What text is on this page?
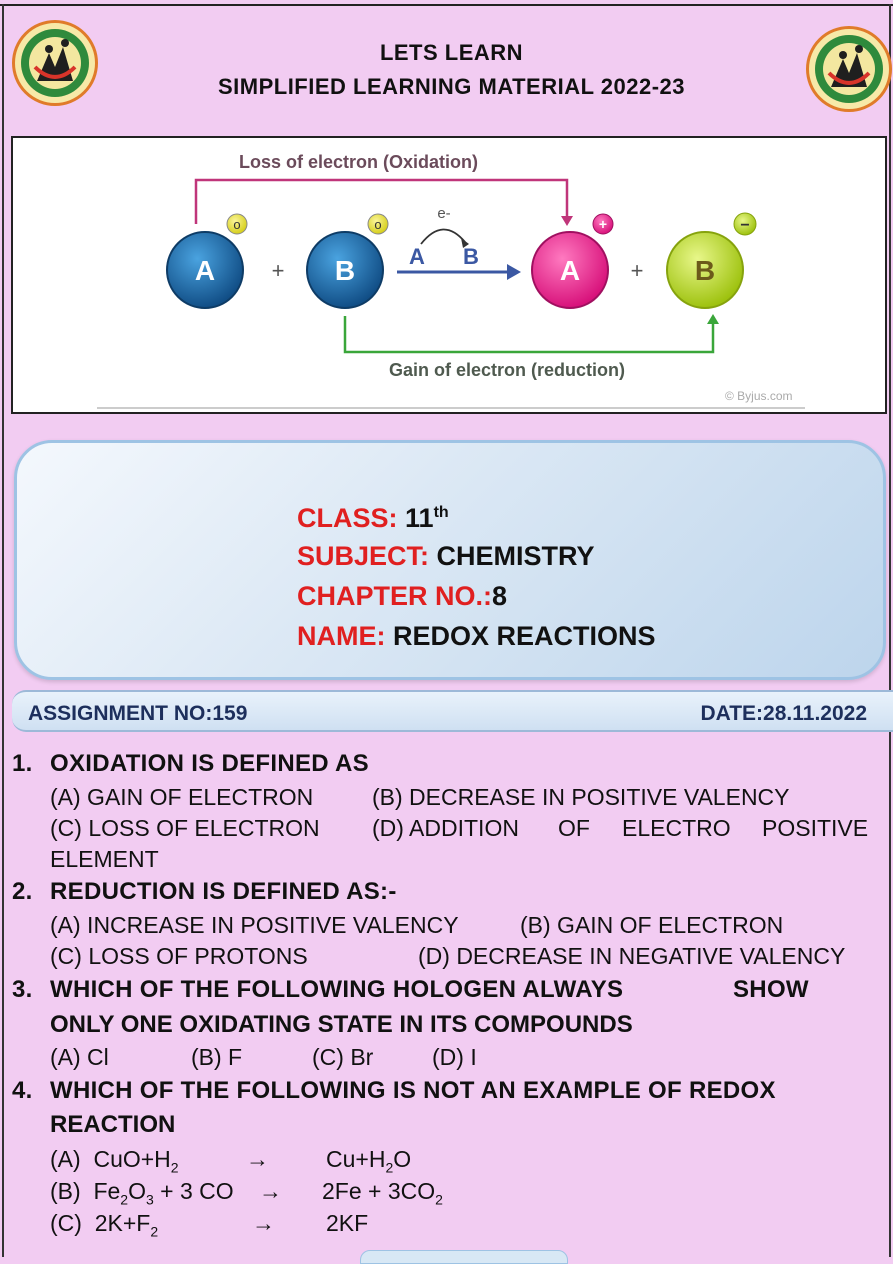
LETS LEARN
SIMPLIFIED LEARNING MATERIAL 2022-23
Loss of electron (Oxidation)
Gain of electron (reduction)
A
o
+ B
o
e-
A B	A
+
+ B
−
© Byjus.com
CLASS: 11th
SUBJECT: CHEMISTRY
CHAPTER NO.:8
NAME: REDOX REACTIONS
ASSIGNMENT NO:159	DATE:28.11.2022
1. OXIDATION IS DEFINED AS
(A) GAIN OF ELECTRON	(B) DECREASE IN POSITIVE VALENCY
(C) LOSS OF ELECTRON (D) ADDITION OF ELECTRO POSITIVE
ELEMENT
2. REDUCTION IS DEFINED AS:-
(A) INCREASE IN POSITIVE VALENCY	(B) GAIN OF ELECTRON
(C) LOSS OF PROTONS	(D) DECREASE IN NEGATIVE VALENCY
3. WHICH OF THE FOLLOWING HOLOGEN ALWAYS	SHOW
ONLY ONE OXIDATING STATE IN ITS COMPOUNDS
(A) Cl	(B) F	(C) Br	(D) I
4. WHICH OF THE FOLLOWING IS NOT AN EXAMPLE OF REDOX
REACTION
(A) $CuO+H_2$	→ $Cu+H_2O$
(B) $Fe_2O_3 + 3$ CO → $2Fe + 3CO_2$
(C) $2K+F_2$	→ 2KF
